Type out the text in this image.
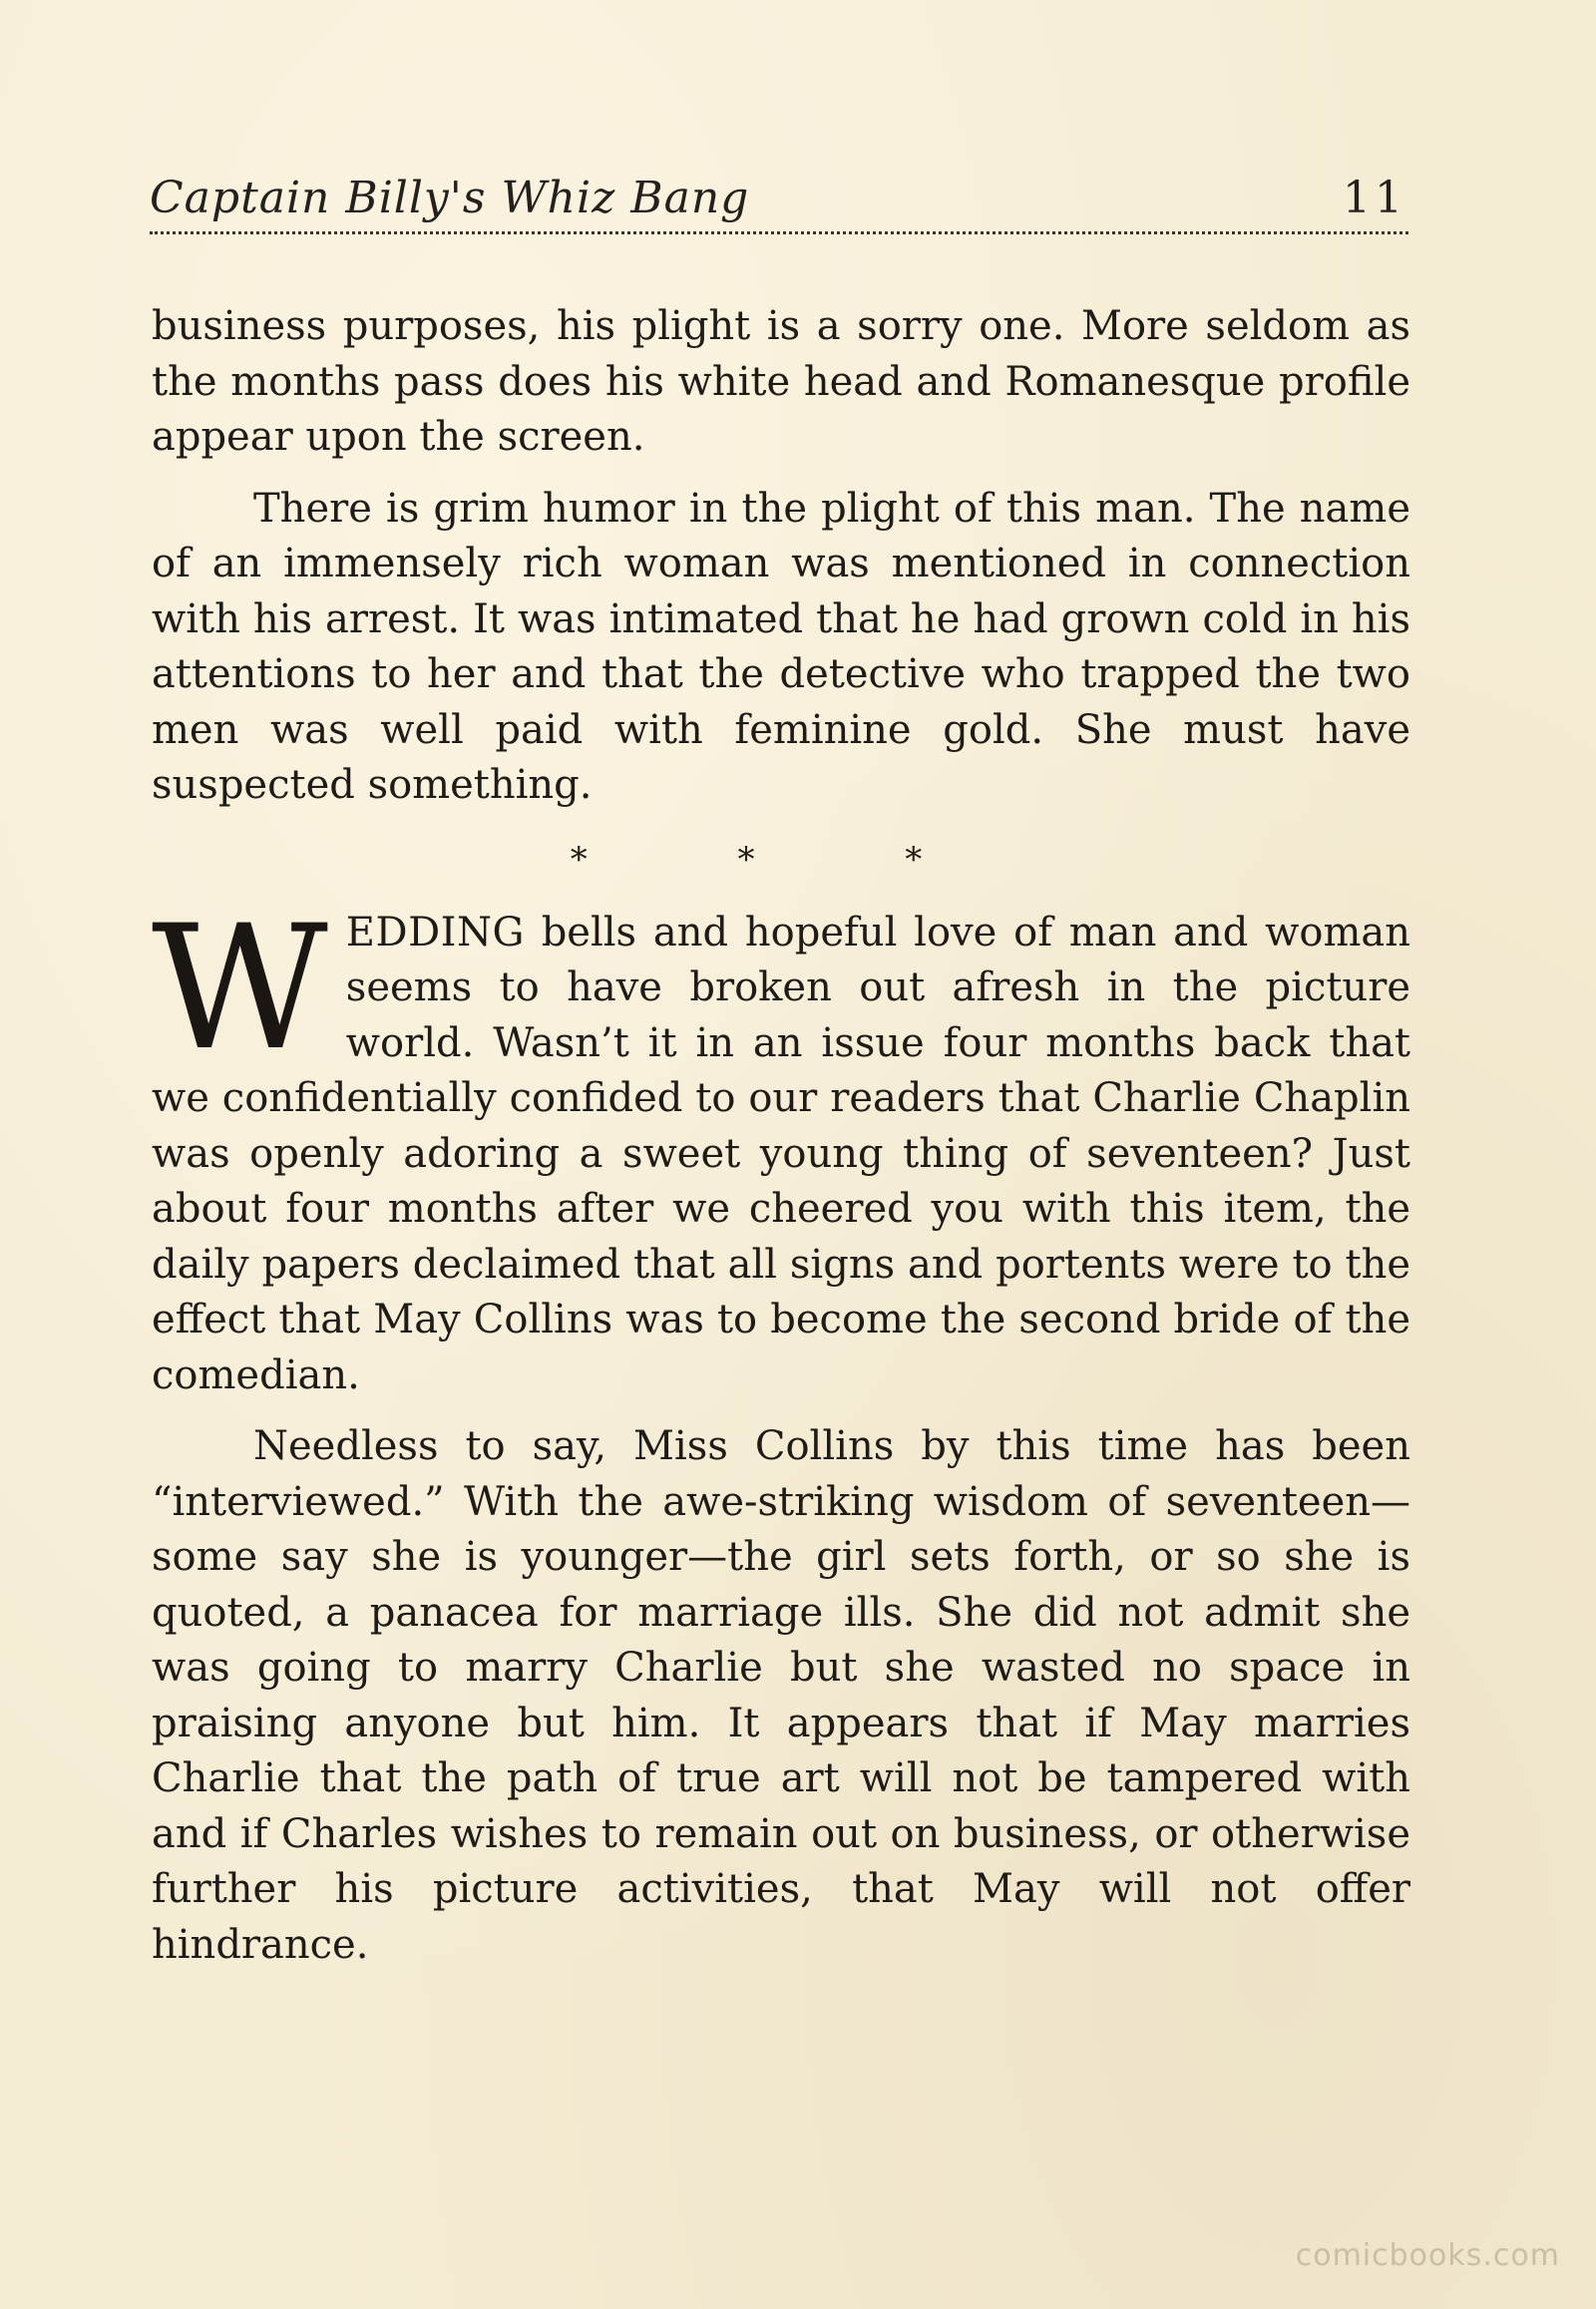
Captain Billy's Whiz Bang	11

business purposes, his plight is a sorry one. More seldom as the months pass does his white head and Romanesque profile appear upon the screen.

There is grim humor in the plight of this man. The name of an immensely rich woman was mentioned in connection with his arrest. It was intimated that he had grown cold in his attentions to her and that the detective who trapped the two men was well paid with feminine gold. She must have suspected something.

* * *

WEDDING bells and hopeful love of man and woman seems to have broken out afresh in the picture world. Wasn’t it in an issue four months back that we confidentially confided to our readers that Charlie Chaplin was openly adoring a sweet young thing of seventeen? Just about four months after we cheered you with this item, the daily papers declaimed that all signs and portents were to the effect that May Collins was to become the second bride of the comedian.

Needless to say, Miss Collins by this time has been “interviewed.” With the awe-striking wisdom of seventeen—some say she is younger—the girl sets forth, or so she is quoted, a panacea for marriage ills. She did not admit she was going to marry Charlie but she wasted no space in praising anyone but him. It appears that if May marries Charlie that the path of true art will not be tampered with and if Charles wishes to remain out on business, or otherwise further his picture activities, that May will not offer hindrance.

comicbooks.com
